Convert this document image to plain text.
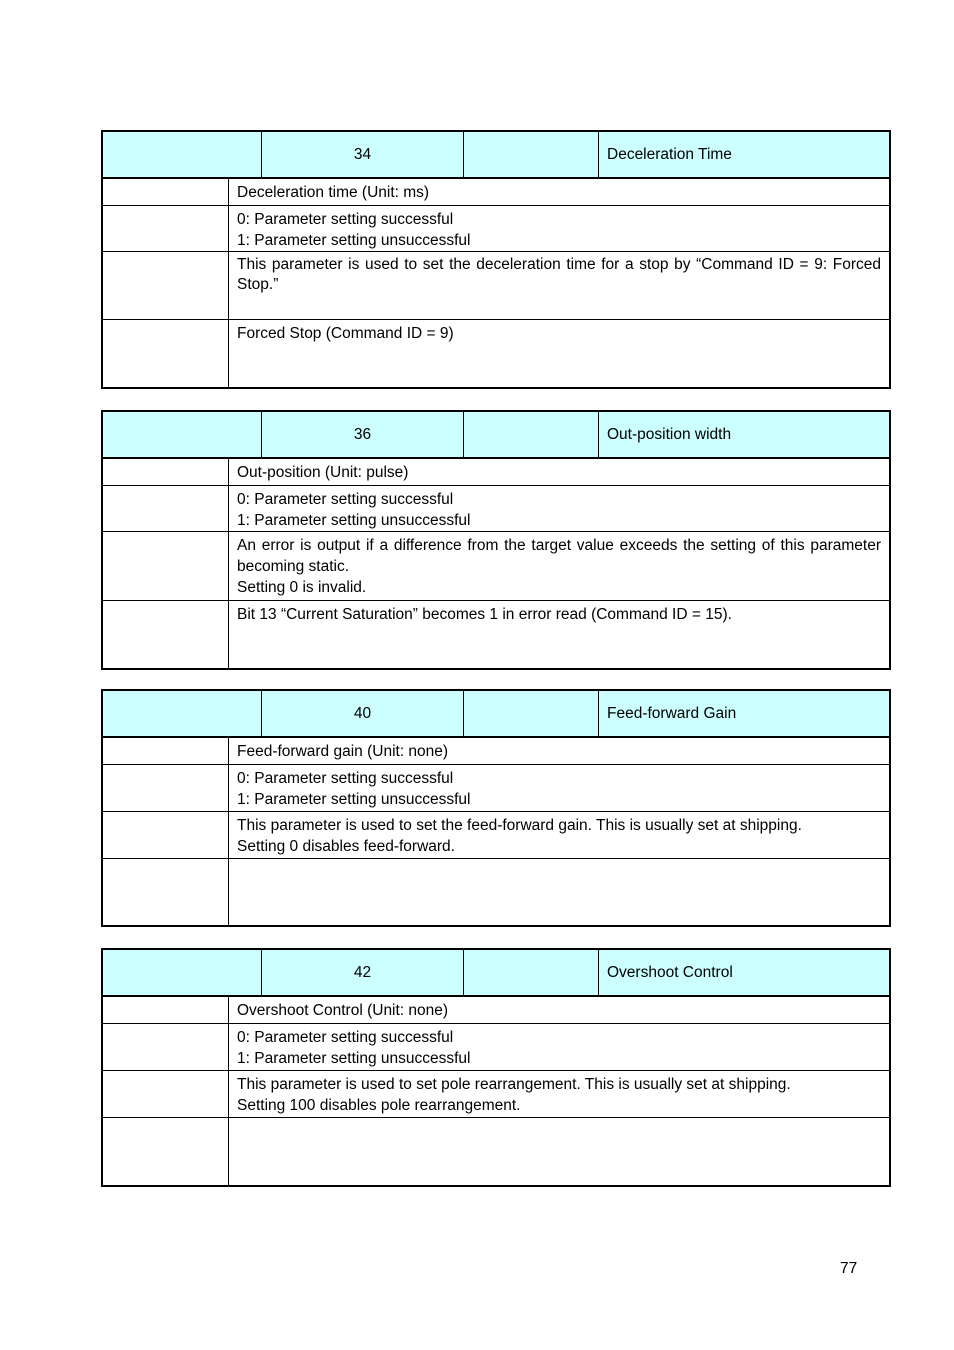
34	Deceleration Time
Deceleration time (Unit: ms)
0: Parameter setting successful
1: Parameter setting unsuccessful
This parameter is used to set the deceleration time for a stop by “Command ID = 9: Forced Stop.”
Forced Stop (Command ID = 9)
36	Out-position width
Out-position (Unit: pulse)
0: Parameter setting successful
1: Parameter setting unsuccessful
An error is output if a difference from the target value exceeds the setting of this parameter becoming static.
Setting 0 is invalid.
Bit 13 “Current Saturation” becomes 1 in error read (Command ID = 15).
40	Feed-forward Gain
Feed-forward gain (Unit: none)
0: Parameter setting successful
1: Parameter setting unsuccessful
This parameter is used to set the feed-forward gain. This is usually set at shipping.
Setting 0 disables feed-forward.
42	Overshoot Control
Overshoot Control (Unit: none)
0: Parameter setting successful
1: Parameter setting unsuccessful
This parameter is used to set pole rearrangement. This is usually set at shipping.
Setting 100 disables pole rearrangement.
77
